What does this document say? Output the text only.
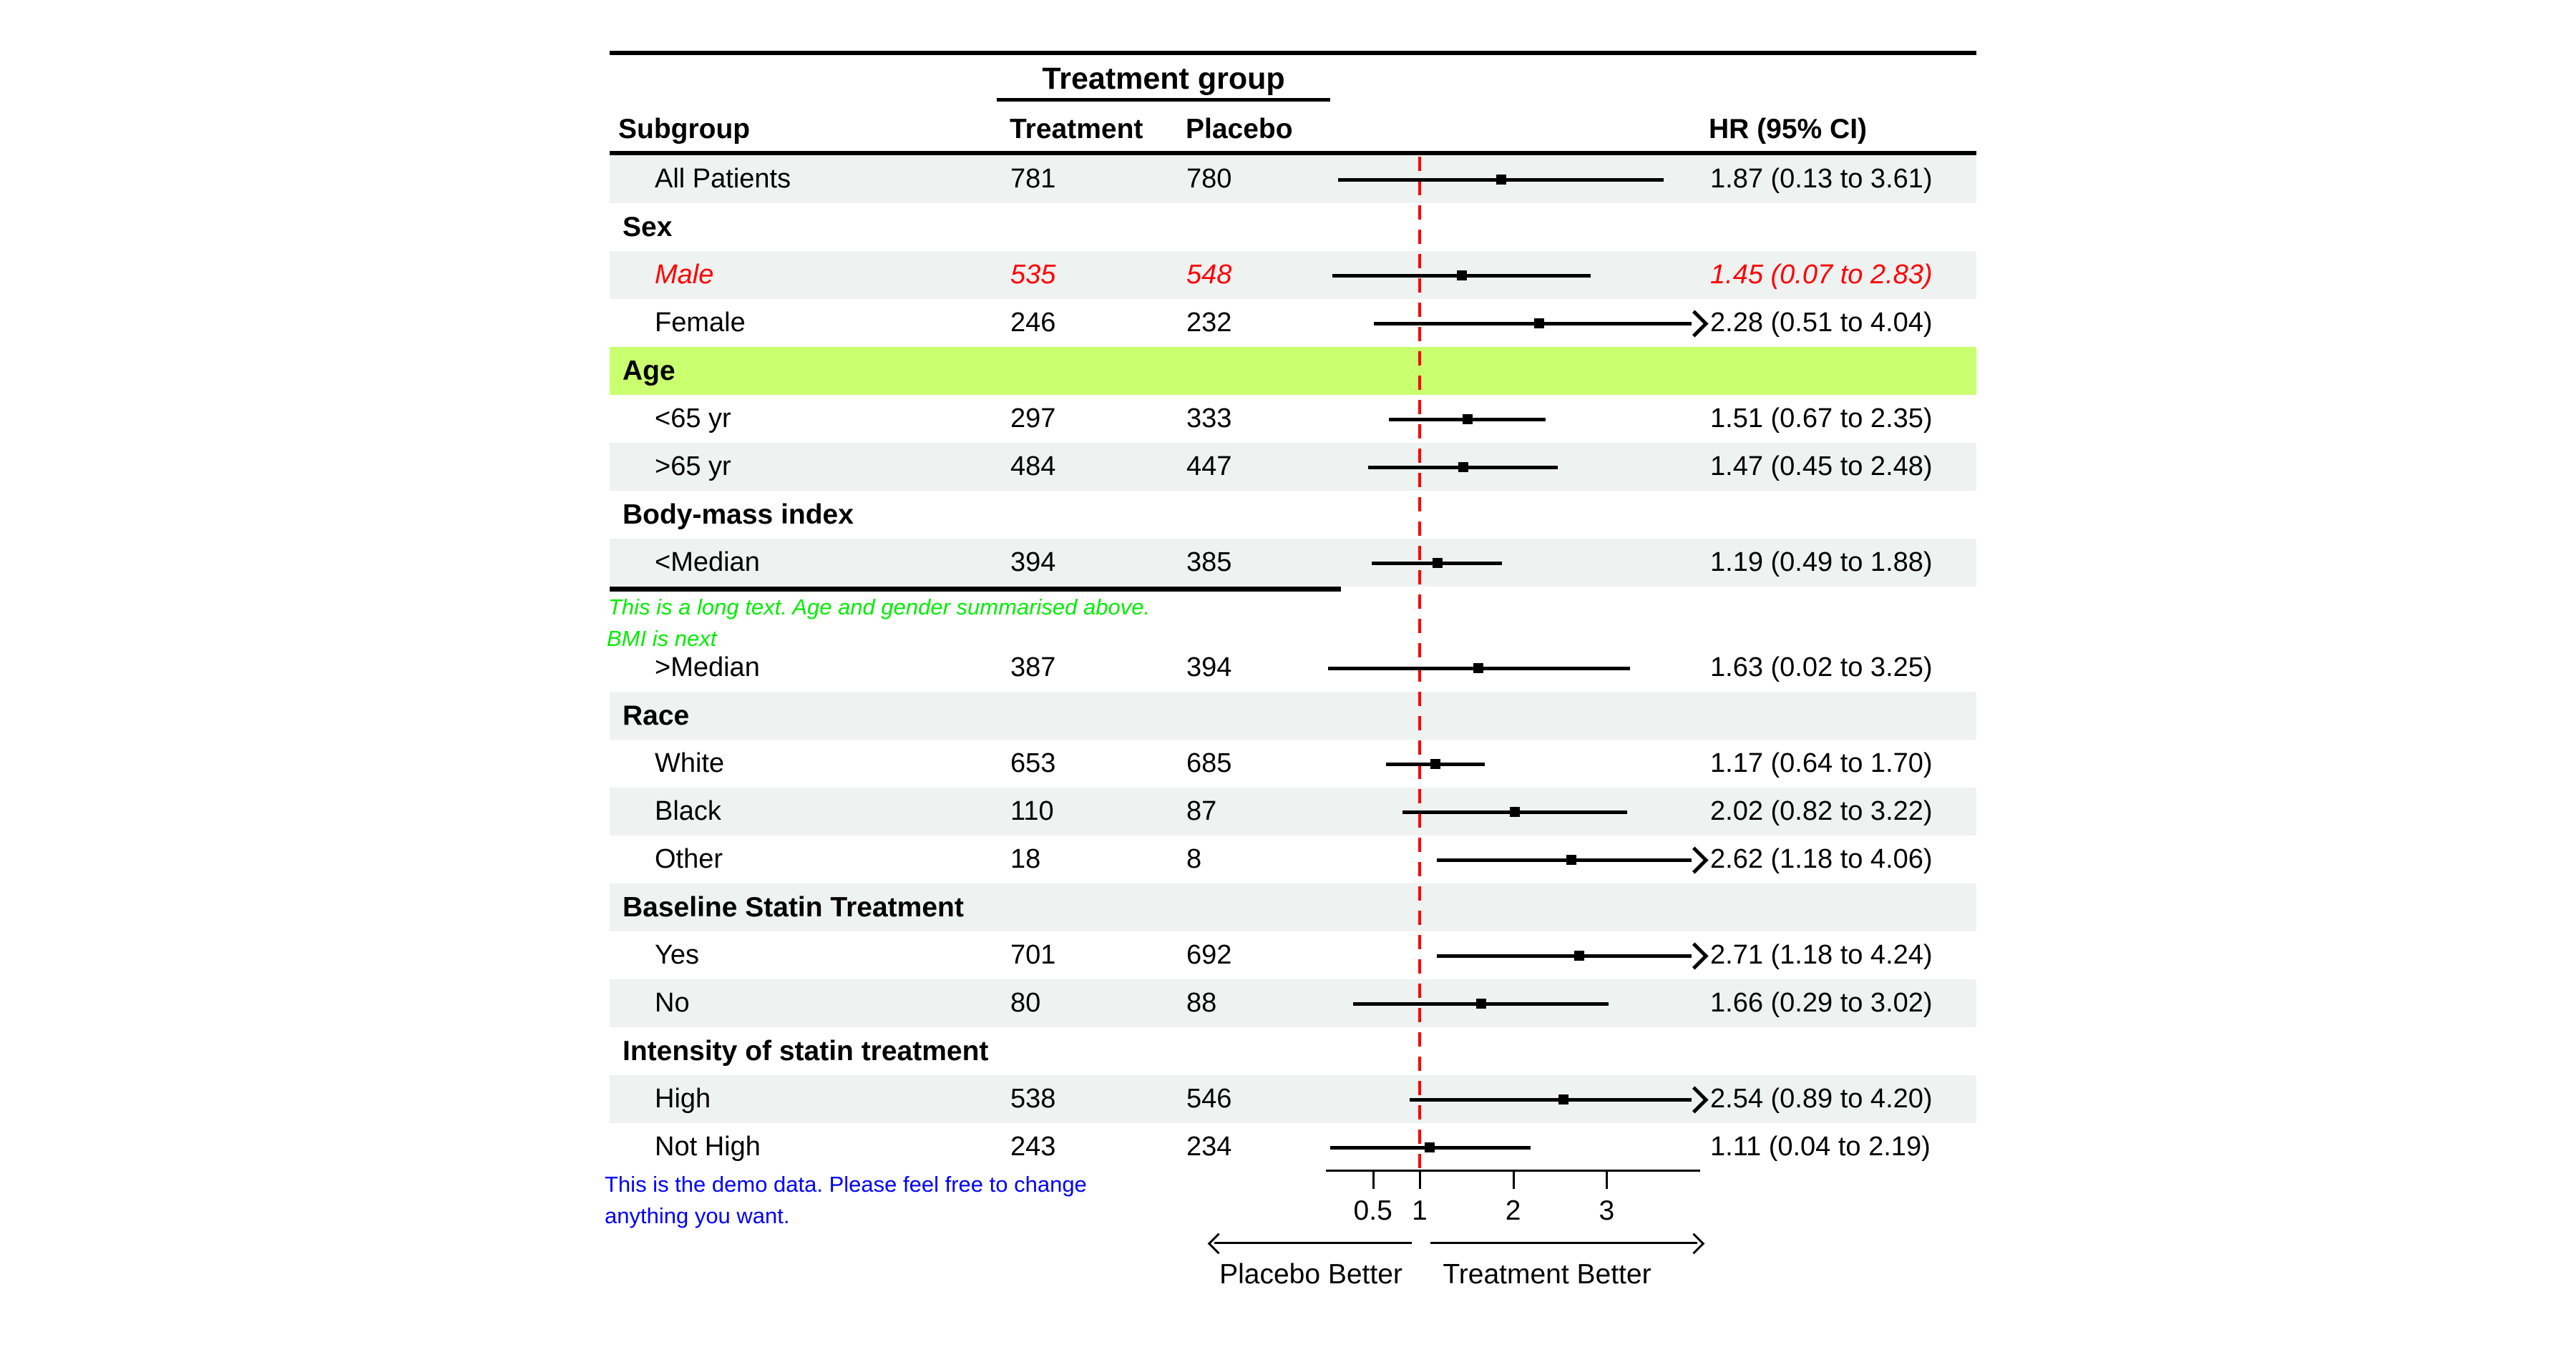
Treatment group
Subgroup	Treatment Placebo	HR (95% CI)
All Patients	781	780	1.87 (0.13 to 3.61)
Sex
Male	535	548	1.45 (0.07 to 2.83)
Female	246	232	2.28 (0.51 to 4.04)
Age
<65 yr	297	333	1.51 (0.67 to 2.35)
>65 yr	484	447	1.47 (0.45 to 2.48)
Body-mass index
<Median	394	385	1.19 (0.49 to 1.88)
>Median	387	394	1.63 (0.02 to 3.25)
Race
White	653	685	1.17 (0.64 to 1.70)
Black	110	87	2.02 (0.82 to 3.22)
Other	18	8	2.62 (1.18 to 4.06)
Baseline Statin Treatment
Yes	701	692	2.71 (1.18 to 4.24)
No	80	88	1.66 (0.29 to 3.02)
Intensity of statin treatment
High	538	546	2.54 (0.89 to 4.20)
Not High	243	234	1.11 (0.04 to 2.19)
This is a long text. Age and gender summarised above.
BMI is next
0.5 1	2	3
Placebo Better	Treatment Better
This is the demo data. Please feel free to change
anything you want.
